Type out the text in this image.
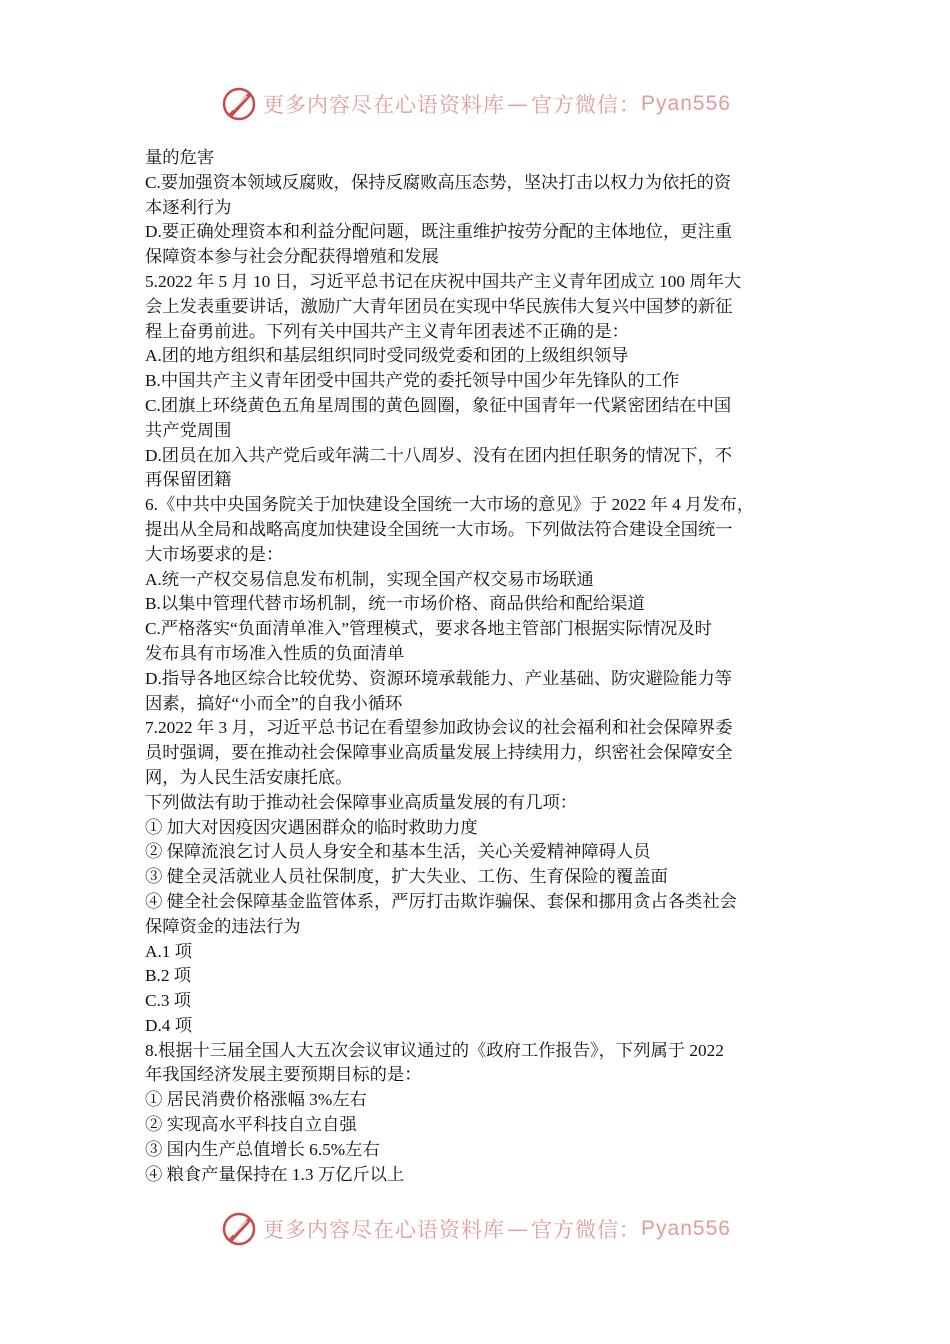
更多内容尽在心语资料库 — 官方微信： Pyan556
量的危害
C.要加强资本领域反腐败，保持反腐败高压态势，坚决打击以权力为依托的资
本逐利行为
D.要正确处理资本和利益分配问题，既注重维护按劳分配的主体地位，更注重
保障资本参与社会分配获得增殖和发展
5.2022 年 5 月 10 日，习近平总书记在庆祝中国共产主义青年团成立 100 周年大
会上发表重要讲话，激励广大青年团员在实现中华民族伟大复兴中国梦的新征
程上奋勇前进。下列有关中国共产主义青年团表述不正确的是：
A.团的地方组织和基层组织同时受同级党委和团的上级组织领导
B.中国共产主义青年团受中国共产党的委托领导中国少年先锋队的工作
C.团旗上环绕黄色五角星周围的黄色圆圈，象征中国青年一代紧密团结在中国
共产党周围
D.团员在加入共产党后或年满二十八周岁、没有在团内担任职务的情况下，不
再保留团籍
6.《中共中央国务院关于加快建设全国统一大市场的意见》于 2022 年 4 月发布，
提出从全局和战略高度加快建设全国统一大市场。下列做法符合建设全国统一
大市场要求的是：
A.统一产权交易信息发布机制，实现全国产权交易市场联通
B.以集中管理代替市场机制，统一市场价格、商品供给和配给渠道
C.严格落实“负面清单准入”管理模式，要求各地主管部门根据实际情况及时
发布具有市场准入性质的负面清单
D.指导各地区综合比较优势、资源环境承载能力、产业基础、防灾避险能力等
因素，搞好“小而全”的自我小循环
7.2022 年 3 月，习近平总书记在看望参加政协会议的社会福利和社会保障界委
员时强调，要在推动社会保障事业高质量发展上持续用力，织密社会保障安全
网，为人民生活安康托底。
下列做法有助于推动社会保障事业高质量发展的有几项：
① 加大对因疫因灾遇困群众的临时救助力度
② 保障流浪乞讨人员人身安全和基本生活，关心关爱精神障碍人员
③ 健全灵活就业人员社保制度，扩大失业、工伤、生育保险的覆盖面
④ 健全社会保障基金监管体系，严厉打击欺诈骗保、套保和挪用贪占各类社会
保障资金的违法行为
A.1 项
B.2 项
C.3 项
D.4 项
8.根据十三届全国人大五次会议审议通过的《政府工作报告》，下列属于 2022
年我国经济发展主要预期目标的是：
① 居民消费价格涨幅 3%左右
② 实现高水平科技自立自强
③ 国内生产总值增长 6.5%左右
④ 粮食产量保持在 1.3 万亿斤以上
更多内容尽在心语资料库 — 官方微信： Pyan556
